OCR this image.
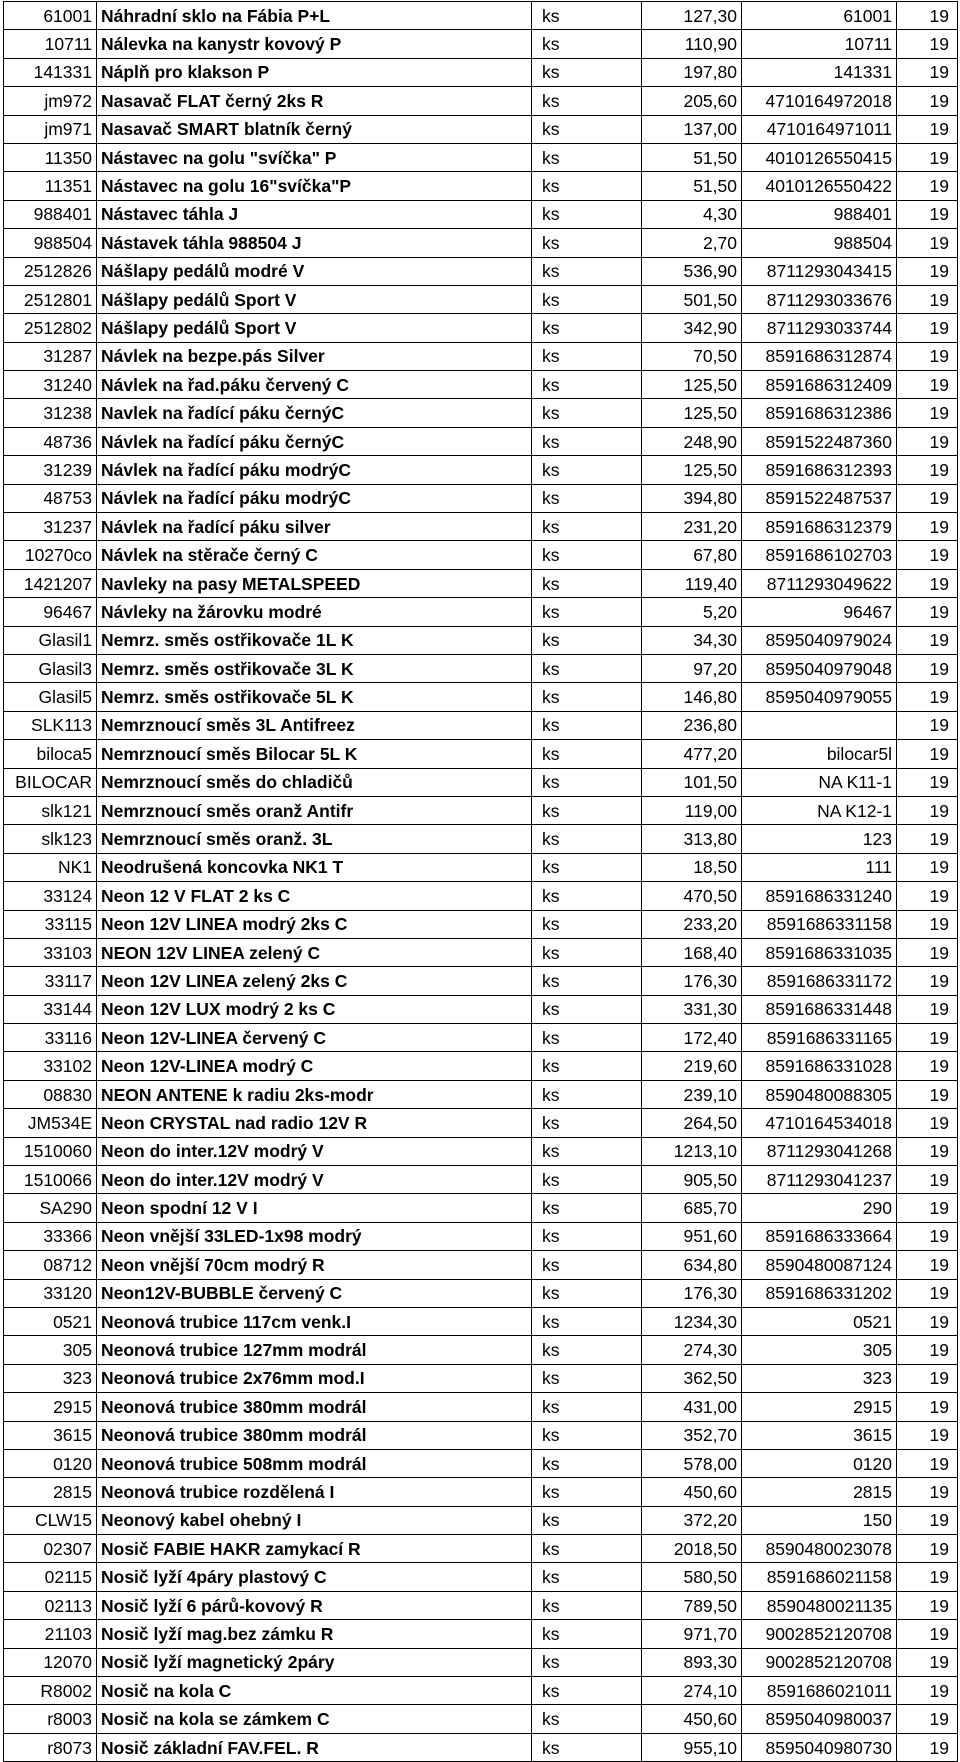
61001	Náhradní sklo na Fábia P+L	ks	127,30	61001	19
10711	Nálevka na kanystr kovový P	ks	110,90	10711	19
141331	Náplň pro klakson P	ks	197,80	141331	19
jm972	Nasavač FLAT černý 2ks R	ks	205,60	4710164972018	19
jm971	Nasavač SMART blatník černý	ks	137,00	4710164971011	19
11350	Nástavec na golu "svíčka" P	ks	51,50	4010126550415	19
11351	Nástavec na golu 16"svíčka"P	ks	51,50	4010126550422	19
988401	Nástavec táhla J	ks	4,30	988401	19
988504	Nástavek táhla 988504 J	ks	2,70	988504	19
2512826	Nášlapy pedálů modré V	ks	536,90	8711293043415	19
2512801	Nášlapy pedálů Sport V	ks	501,50	8711293033676	19
2512802	Nášlapy pedálů Sport V	ks	342,90	8711293033744	19
31287	Návlek na bezpe.pás Silver	ks	70,50	8591686312874	19
31240	Návlek na řad.páku červený C	ks	125,50	8591686312409	19
31238	Navlek na řadící páku černýC	ks	125,50	8591686312386	19
48736	Návlek na řadící páku černýC	ks	248,90	8591522487360	19
31239	Návlek na řadící páku modrýC	ks	125,50	8591686312393	19
48753	Návlek na řadící páku modrýC	ks	394,80	8591522487537	19
31237	Návlek na řadící páku silver	ks	231,20	8591686312379	19
10270co	Návlek na stěrače černý C	ks	67,80	8591686102703	19
1421207	Navleky na pasy METALSPEED	ks	119,40	8711293049622	19
96467	Návleky na žárovku modré	ks	5,20	96467	19
Glasil1	Nemrz. směs ostřikovače 1L K	ks	34,30	8595040979024	19
Glasil3	Nemrz. směs ostřikovače 3L K	ks	97,20	8595040979048	19
Glasil5	Nemrz. směs ostřikovače 5L K	ks	146,80	8595040979055	19
SLK113	Nemrznoucí směs 3L Antifreez	ks	236,80		19
bilоca5	Nemrznoucí směs Bilocar 5L K	ks	477,20	bilocar5l	19
BILOCAR	Nemrznoucí směs do chladičů	ks	101,50	NA K11-1	19
slk121	Nemrznoucí směs oranž Antifr	ks	119,00	NA K12-1	19
slk123	Nemrznoucí směs oranž. 3L	ks	313,80	123	19
NK1	Neodrušená koncovka NK1 T	ks	18,50	111	19
33124	Neon 12 V FLAT 2 ks C	ks	470,50	8591686331240	19
33115	Neon 12V LINEA modrý 2ks C	ks	233,20	8591686331158	19
33103	NEON 12V LINEA zelený C	ks	168,40	8591686331035	19
33117	Neon 12V LINEA zelený 2ks C	ks	176,30	8591686331172	19
33144	Neon 12V LUX modrý 2 ks C	ks	331,30	8591686331448	19
33116	Neon 12V-LINEA červený C	ks	172,40	8591686331165	19
33102	Neon 12V-LINEA modrý C	ks	219,60	8591686331028	19
08830	NEON ANTENE k radiu 2ks-modr	ks	239,10	8590480088305	19
JM534E	Neon CRYSTAL nad radio 12V R	ks	264,50	4710164534018	19
1510060	Neon do inter.12V modrý V	ks	1213,10	8711293041268	19
1510066	Neon do inter.12V modrý V	ks	905,50	8711293041237	19
SA290	Neon spodní 12 V I	ks	685,70	290	19
33366	Neon vnější 33LED-1x98 modrý	ks	951,60	8591686333664	19
08712	Neon vnější 70cm modrý R	ks	634,80	8590480087124	19
33120	Neon12V-BUBBLE červený C	ks	176,30	8591686331202	19
0521	Neonová trubice 117cm venk.I	ks	1234,30	0521	19
305	Neonová trubice 127mm modrál	ks	274,30	305	19
323	Neonová trubice 2x76mm mod.I	ks	362,50	323	19
2915	Neonová trubice 380mm modrál	ks	431,00	2915	19
3615	Neonová trubice 380mm modrál	ks	352,70	3615	19
0120	Neonová trubice 508mm modrál	ks	578,00	0120	19
2815	Neonová trubice rozdělená I	ks	450,60	2815	19
CLW15	Neonový kabel ohebný I	ks	372,20	150	19
02307	Nosič FABIE HAKR zamykací R	ks	2018,50	8590480023078	19
02115	Nosič lyží 4páry plastový C	ks	580,50	8591686021158	19
02113	Nosič lyží 6 párů-kovový R	ks	789,50	8590480021135	19
21103	Nosič lyží mag.bez zámku R	ks	971,70	9002852120708	19
12070	Nosič lyží magnetický 2páry	ks	893,30	9002852120708	19
R8002	Nosič na kola C	ks	274,10	8591686021011	19
r8003	Nosič na kola se zámkem C	ks	450,60	8595040980037	19
r8073	Nosič základní FAV.FEL. R	ks	955,10	8595040980730	19
